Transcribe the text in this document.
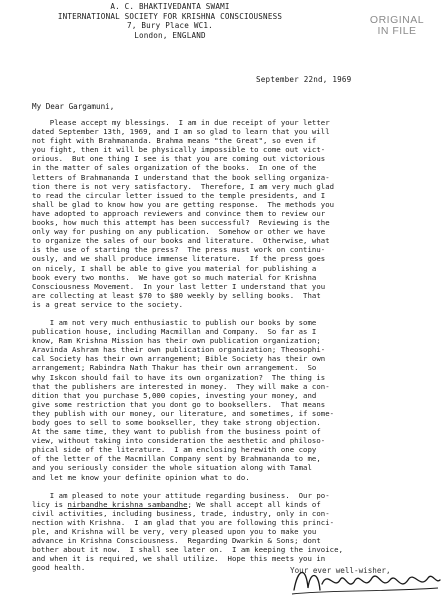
A. C. BHAKTIVEDANTA SWAMI
INTERNATIONAL SOCIETY FOR KRISHNA CONSCIOUSNESS
7, Bury Place WC1.
London, ENGLAND
ORIGINAL
IN FILE
September 22nd, 1969
My Dear Gargamuni,
Please accept my blessings.  I am in due receipt of your letter
dated September 13th, 1969, and I am so glad to learn that you will
not fight with Brahmananda. Brahma means "the Great", so even if
you fight, then it will be physically impossible to come out vict-
orious.  But one thing I see is that you are coming out victorious
in the matter of sales organization of the books.  In one of the
letters of Brahmananda I understand that the book selling organiza-
tion there is not very satisfactory.  Therefore, I am very much glad
to read the circular letter issued to the temple presidents, and I
shall be glad to know how you are getting response.  The methods you
have adopted to approach reviewers and convince them to review our
books, how much this attempt has been successful?  Reviewing is the
only way for pushing on any publication.  Somehow or other we have
to organize the sales of our books and literature.  Otherwise, what
is the use of starting the press?  The press must work on continu-
ously, and we shall produce immense literature.  If the press goes
on nicely, I shall be able to give you material for publishing a
book every two months.  We have got so much material for Krishna
Consciousness Movement.  In your last letter I understand that you
are collecting at least $70 to $80 weekly by selling books.  That
is a great service to the society.
I am not very much enthusiastic to publish our books by some
publication house, including Macmillan and Company.  So far as I
know, Ram Krishna Mission has their own publication organization;
Aravinda Ashram has their own publication organization; Theosophi-
cal Society has their own arrangement; Bible Society has their own
arrangement; Rabindra Nath Thakur has their own arrangement.  So
why Iskcon should fail to have its own organization?  The thing is
that the publishers are interested in money.  They will make a con-
dition that you purchase 5,000 copies, investing your money, and
give some restriction that you dont go to booksellers.  That means
they publish with our money, our literature, and sometimes, if some-
body goes to sell to some bookseller, they take strong objection.
At the same time, they want to publish from the business point of
view, without taking into consideration the aesthetic and philoso-
phical side of the literature.  I am enclosing herewith one copy
of the letter of the Macmillan Company sent by Brahmananda to me,
and you seriously consider the whole situation along with Tamal
and let me know your definite opinion what to do.
I am pleased to note your attitude regarding business.  Our po-
licy is nirbandhe krishna sambandhe; We shall accept all kinds of
civil activities, including business, trade, industry, only in con-
nection with Krishna.  I am glad that you are following this princi-
ple, and Krishna will be very, very pleased upon you to make you
advance in Krishna Consciousness.  Regarding Dwarkin & Sons; dont
bother about it now.  I shall see later on.  I am keeping the invoice,
and when it is required, we shall utilize.  Hope this meets you in
good health.	Your ever well-wisher,
